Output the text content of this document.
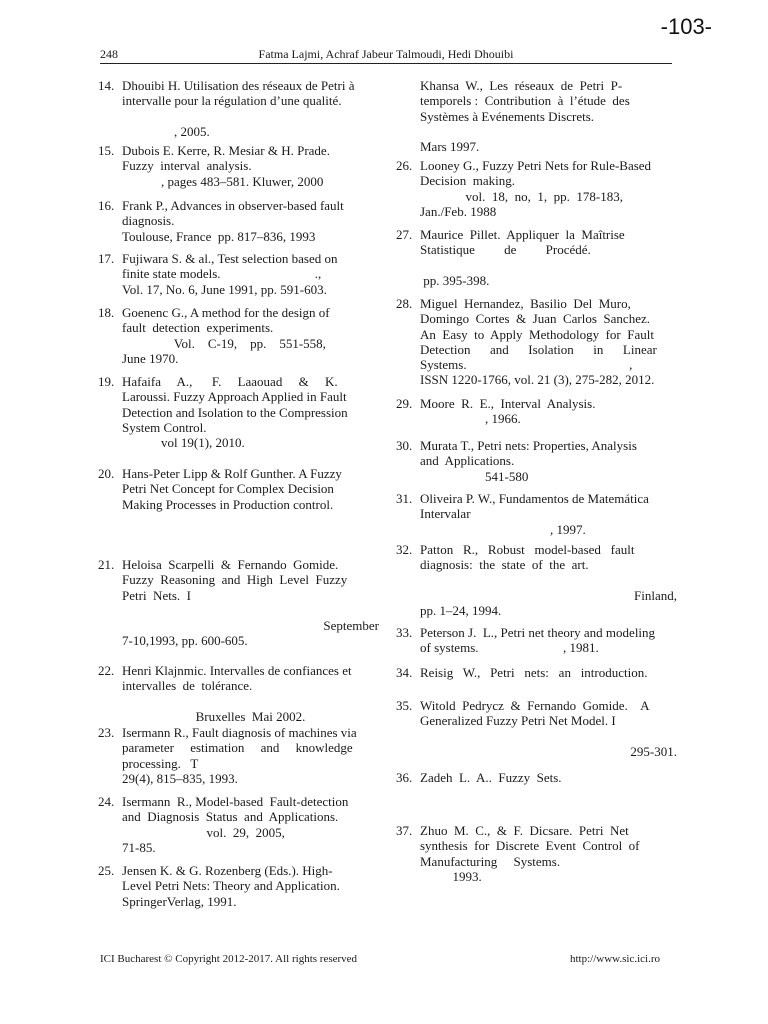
-103-
248	Fatma Lajmi, Achraf Jabeur Talmoudi, Hedi Dhouibi
14. Dhouibi H. Utilisation des réseaux de Petri à
intervalle pour la régulation d’une qualité.
, 2005.
15. Dubois E. Kerre, R. Mesiar & H. Prade.
Fuzzy  interval  analysis.
, pages 483–581. Kluwer, 2000
16. Frank P., Advances in observer-based fault
diagnosis.
Toulouse, France  pp. 817–836, 1993
17. Fujiwara S. & al., Test selection based on
finite state models.                             .,
Vol. 17, No. 6, June 1991, pp. 591-603.
18. Goenenc G., A method for the design of
fault  detection  experiments.
Vol.    C-19,    pp.    551-558,
June 1970.
19. Hafaifa     A.,      F.     Laaouad     &     K.
Laroussi. Fuzzy Approach Applied in Fault
Detection and Isolation to the Compression
System Control.
vol 19(1), 2010.
20. Hans-Peter Lipp & Rolf Gunther. A Fuzzy
Petri Net Concept for Complex Decision
Making Processes in Production control.
21. Heloisa  Scarpelli  &  Fernando  Gomide.
Fuzzy  Reasoning  and  High  Level  Fuzzy
Petri  Nets.  I
September
7-10,1993, pp. 600-605.
22. Henri Klajnmic. Intervalles de confiances et
intervalles  de  tolérance.
Bruxelles  Mai 2002.
23. Isermann R., Fault diagnosis of machines via
parameter     estimation     and     knowledge
processing.   T
29(4), 815–835, 1993.
24. Isermann  R., Model-based  Fault-detection
and  Diagnosis  Status  and  Applications.
vol.  29,  2005,
71-85.
25. Jensen K. & G. Rozenberg (Eds.). High-
Level Petri Nets: Theory and Application.
SpringerVerlag, 1991.
Khansa  W.,  Les  réseaux  de  Petri  P-
temporels :  Contribution  à  l’étude  des
Systèmes à Evénements Discrets.
Mars 1997.
26. Looney G., Fuzzy Petri Nets for Rule-Based
Decision  making.
vol.  18,  no,  1,  pp.  178-183,
Jan./Feb. 1988
27. Maurice  Pillet.  Appliquer  la  Maîtrise
Statistique         de         Procédé.
pp. 395-398.
28. Miguel  Hernandez,  Basilio  Del  Muro,
Domingo  Cortes  &  Juan  Carlos  Sanchez.
An  Easy  to  Apply  Methodology  for  Fault
Detection      and      Isolation      in      Linear
Systems.                                                  ,
ISSN 1220-1766, vol. 21 (3), 275-282, 2012.
29. Moore  R.  E.,  Interval  Analysis.
, 1966.
30. Murata T., Petri nets: Properties, Analysis
and  Applications.
541-580
31. Oliveira P. W., Fundamentos de Matemática
Intervalar
, 1997.
32. Patton   R.,   Robust   model-based   fault
diagnosis:  the  state  of  the  art.
Finland,
pp. 1–24, 1994.
33. Peterson J.  L., Petri net theory and modeling
of systems.                          , 1981.
34. Reisig   W.,   Petri   nets:   an   introduction.
35. Witold  Pedrycz  &  Fernando  Gomide.    A
Generalized Fuzzy Petri Net Model. I
295-301.
36. Zadeh  L.  A..  Fuzzy  Sets.
37. Zhuo  M.  C.,  &  F.  Dicsare.  Petri  Net
synthesis  for  Discrete  Event  Control  of
Manufacturing     Systems.
1993.
ICI Bucharest © Copyright 2012-2017. All rights reserved	http://www.sic.ici.ro
